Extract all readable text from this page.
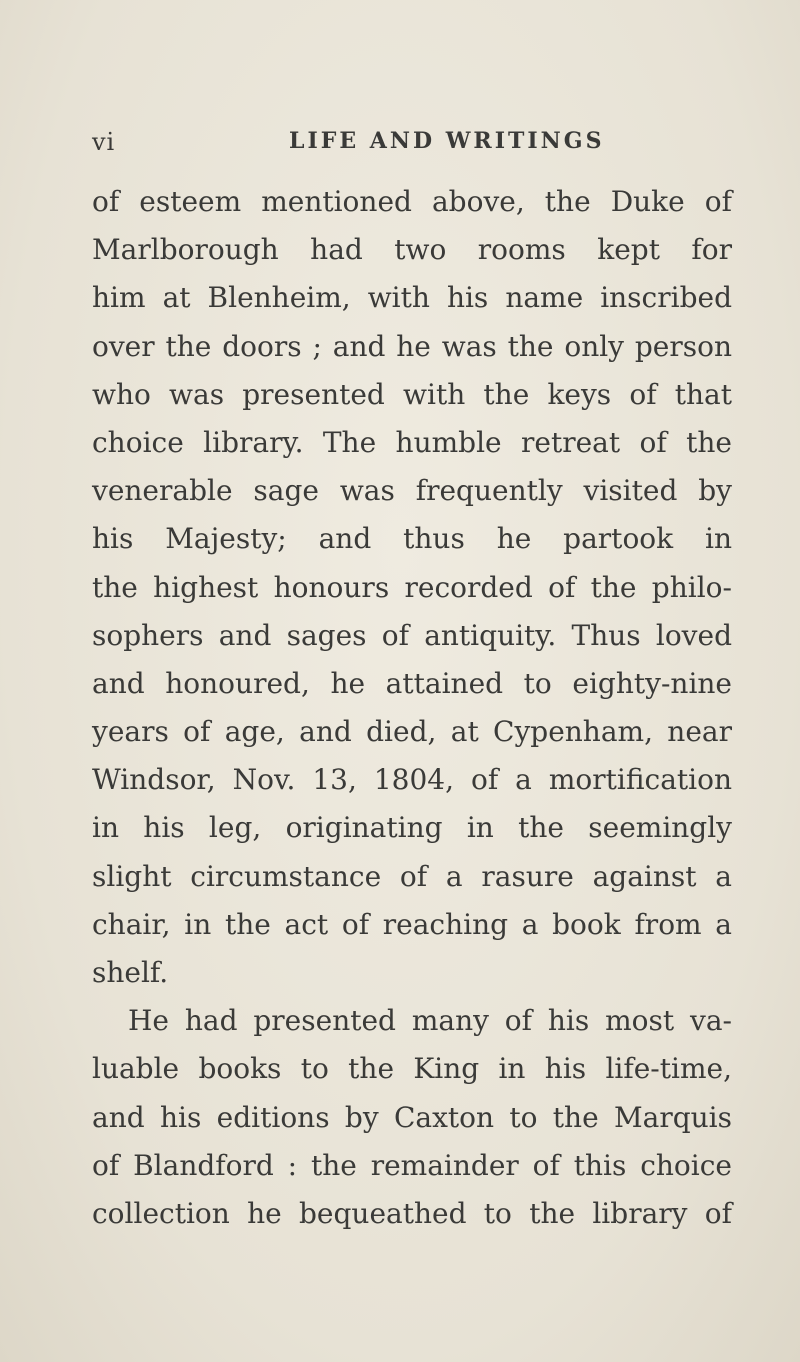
vi	LIFE AND WRITINGS
of esteem mentioned above, the Duke of
Marlborough had two rooms kept for
him at Blenheim, with his name inscribed
over the doors ; and he was the only person
who was presented with the keys of that
choice library. The humble retreat of the
venerable sage was frequently visited by
his Majesty; and thus he partook in
the highest honours recorded of the philo-
sophers and sages of antiquity. Thus loved
and honoured, he attained to eighty-nine
years of age, and died, at Cypenham, near
Windsor, Nov. 13, 1804, of a mortification
in his leg, originating in the seemingly
slight circumstance of a rasure against a
chair, in the act of reaching a book from a
shelf.
He had presented many of his most va-
luable books to the King in his life-time,
and his editions by Caxton to the Marquis
of Blandford : the remainder of this choice
collection he bequeathed to the library of
